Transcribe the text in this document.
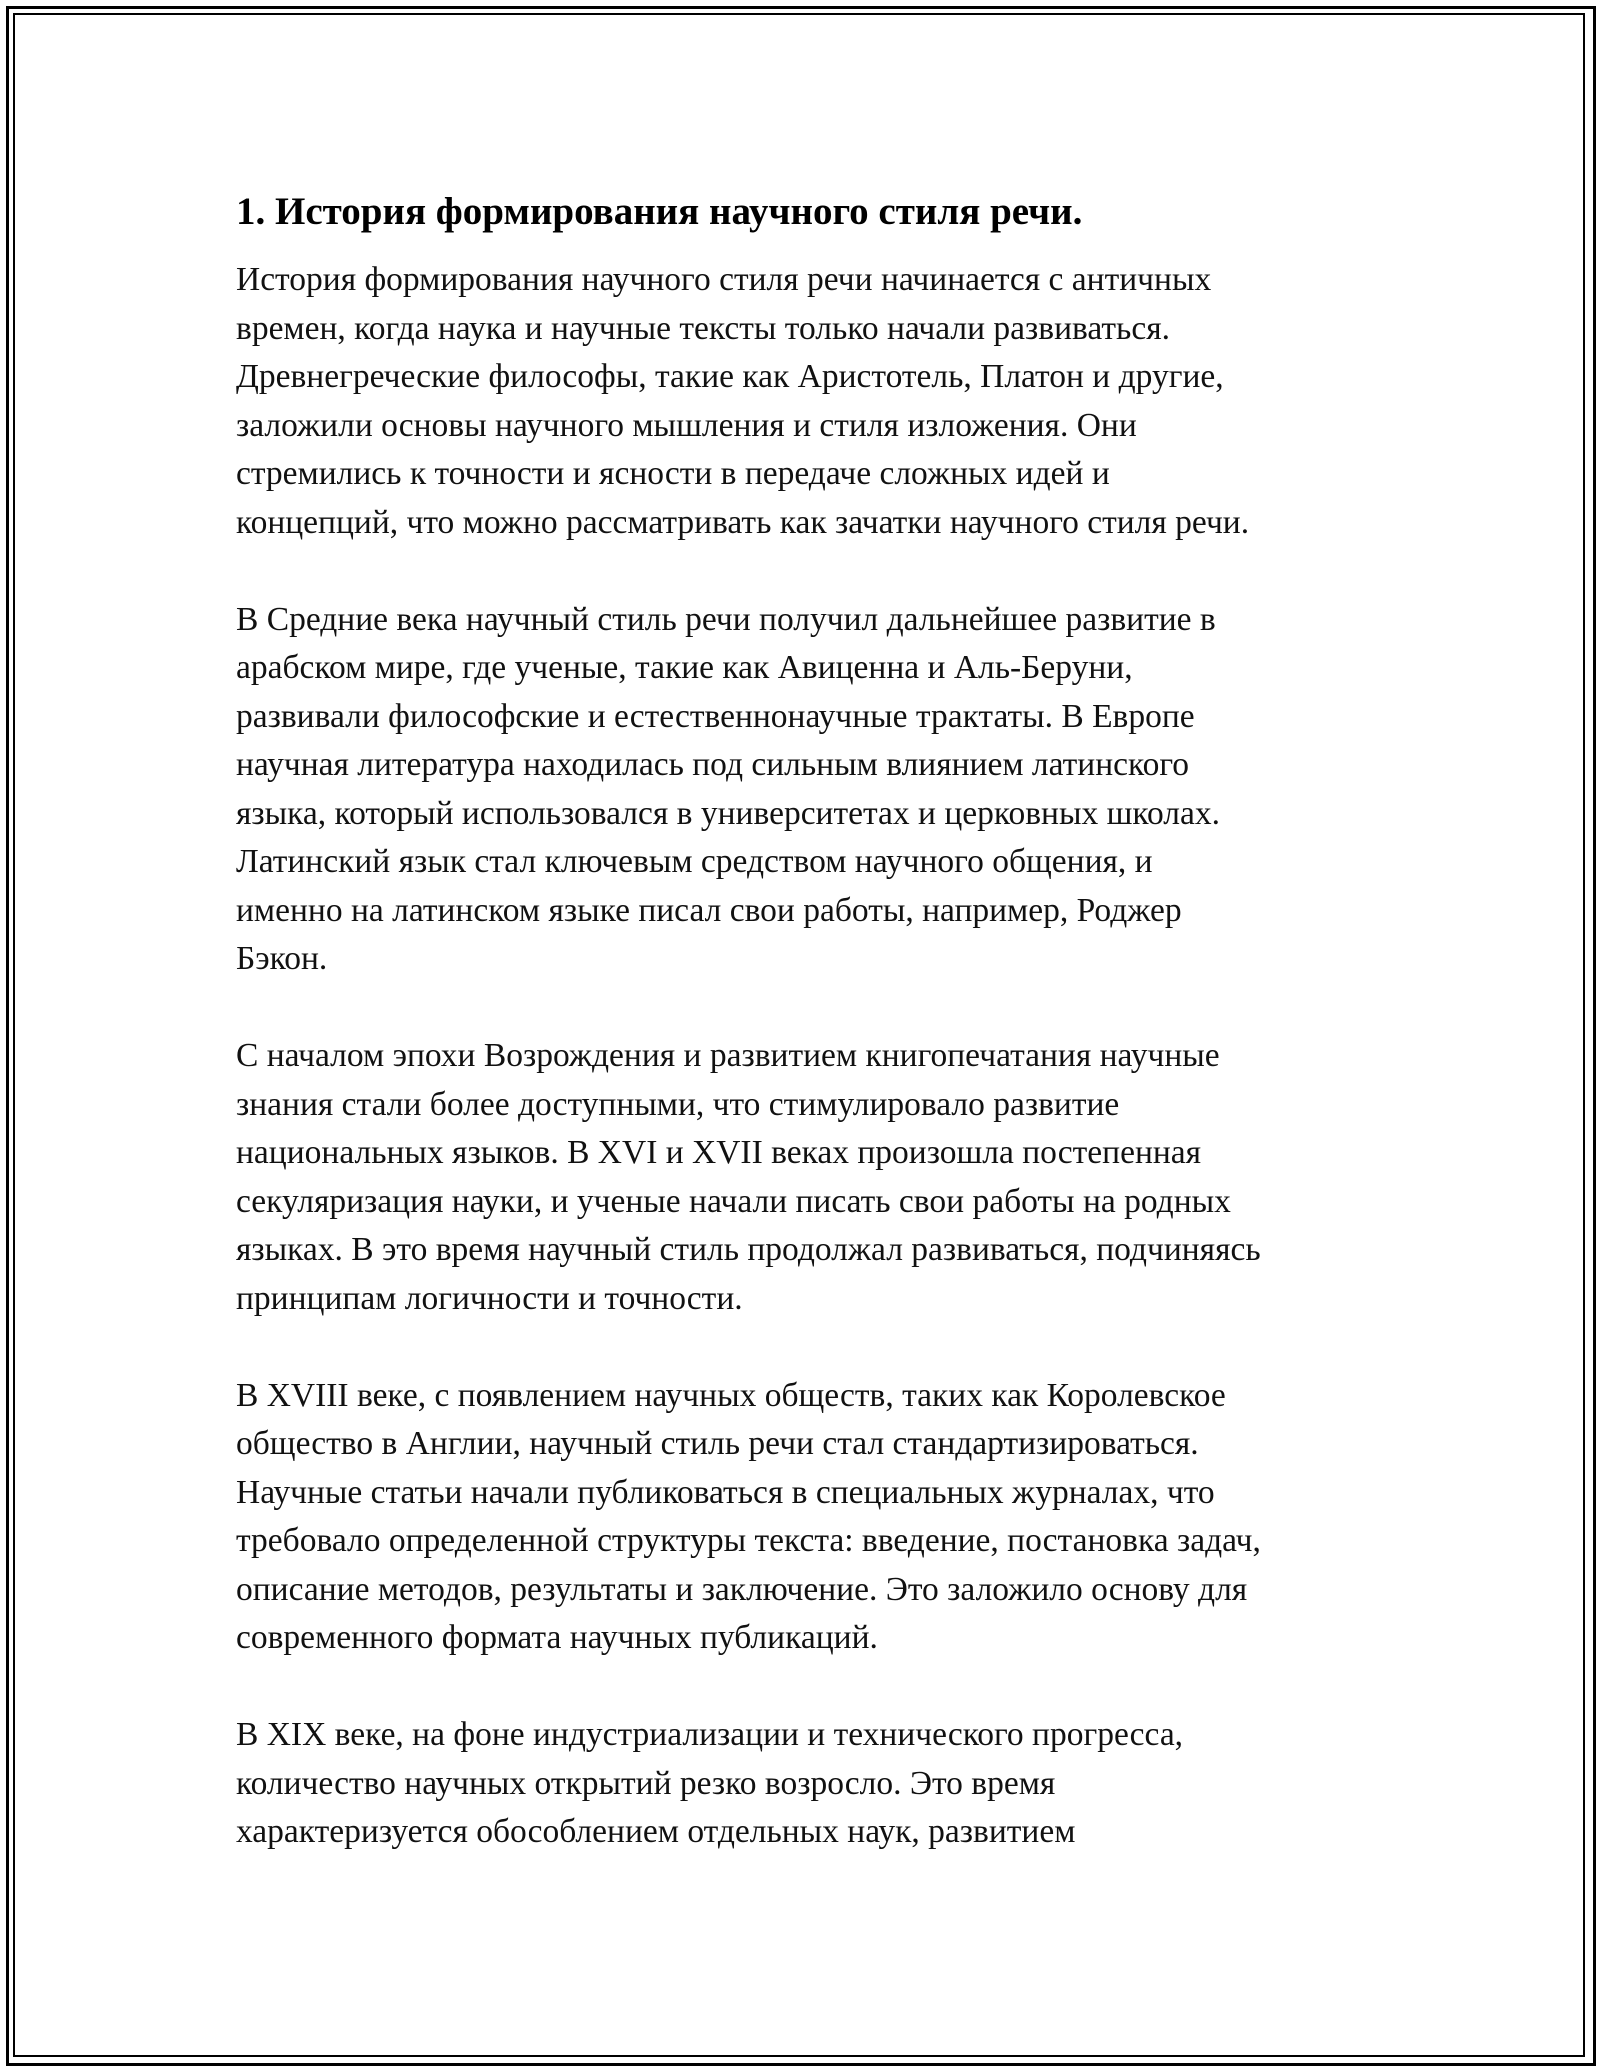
1. История формирования научного стиля речи.

История формирования научного стиля речи начинается с античных
времен, когда наука и научные тексты только начали развиваться.
Древнегреческие философы, такие как Аристотель, Платон и другие,
заложили основы научного мышления и стиля изложения. Они
стремились к точности и ясности в передаче сложных идей и
концепций, что можно рассматривать как зачатки научного стиля речи.

В Средние века научный стиль речи получил дальнейшее развитие в
арабском мире, где ученые, такие как Авиценна и Аль-Беруни,
развивали философские и естественнонаучные трактаты. В Европе
научная литература находилась под сильным влиянием латинского
языка, который использовался в университетах и церковных школах.
Латинский язык стал ключевым средством научного общения, и
именно на латинском языке писал свои работы, например, Роджер
Бэкон.

С началом эпохи Возрождения и развитием книгопечатания научные
знания стали более доступными, что стимулировало развитие
национальных языков. В XVI и XVII веках произошла постепенная
секуляризация науки, и ученые начали писать свои работы на родных
языках. В это время научный стиль продолжал развиваться, подчиняясь
принципам логичности и точности.

В XVIII веке, с появлением научных обществ, таких как Королевское
общество в Англии, научный стиль речи стал стандартизироваться.
Научные статьи начали публиковаться в специальных журналах, что
требовало определенной структуры текста: введение, постановка задач,
описание методов, результаты и заключение. Это заложило основу для
современного формата научных публикаций.

В XIX веке, на фоне индустриализации и технического прогресса,
количество научных открытий резко возросло. Это время
характеризуется обособлением отдельных наук, развитием
